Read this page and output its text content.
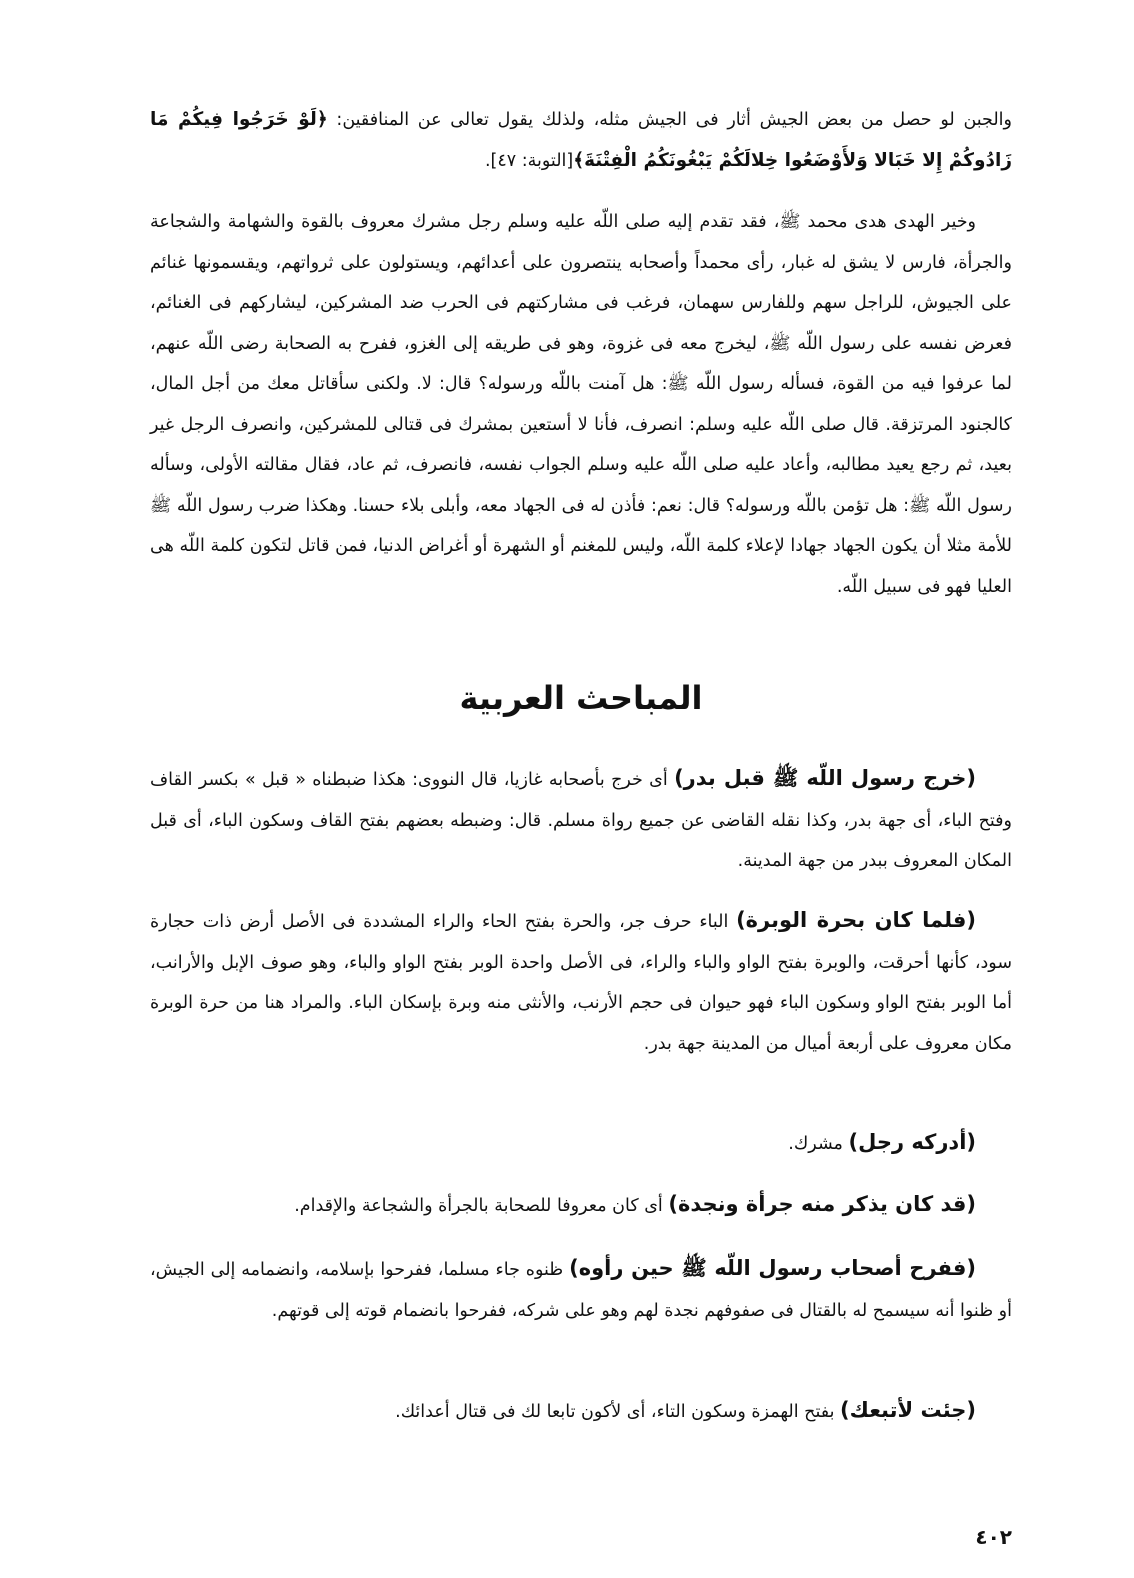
والجبن لو حصل من بعض الجيش أثار فى الجيش مثله، ولذلك يقول تعالى عن المنافقين: ﴿لَوْ خَرَجُوا فِيكُمْ مَا زَادُوكُمْ إِلا خَبَالا وَلأَوْضَعُوا خِلالَكُمْ يَبْغُونَكُمُ الْفِتْنَةَ﴾[التوبة: ٤٧].

وخير الهدى هدى محمد ﷺ، فقد تقدم إليه صلى اللّه عليه وسلم رجل مشرك معروف بالقوة والشهامة والشجاعة والجرأة، فارس لا يشق له غبار، رأى محمداً وأصحابه ينتصرون على أعدائهم، ويستولون على ثرواتهم، ويقسمونها غنائم على الجيوش، للراجل سهم وللفارس سهمان، فرغب فى مشاركتهم فى الحرب ضد المشركين، ليشاركهم فى الغنائم، فعرض نفسه على رسول اللّه ﷺ، ليخرج معه فى غزوة، وهو فى طريقه إلى الغزو، ففرح به الصحابة رضى اللّه عنهم، لما عرفوا فيه من القوة، فسأله رسول اللّه ﷺ: هل آمنت باللّه ورسوله؟ قال: لا. ولكنى سأقاتل معك من أجل المال، كالجنود المرتزقة. قال صلى اللّه عليه وسلم: انصرف، فأنا لا أستعين بمشرك فى قتالى للمشركين، وانصرف الرجل غير بعيد، ثم رجع يعيد مطالبه، وأعاد عليه صلى اللّه عليه وسلم الجواب نفسه، فانصرف، ثم عاد، فقال مقالته الأولى، وسأله رسول اللّه ﷺ: هل تؤمن باللّه ورسوله؟ قال: نعم: فأذن له فى الجهاد معه، وأبلى بلاء حسنا. وهكذا ضرب رسول اللّه ﷺ للأمة مثلا أن يكون الجهاد جهادا لإعلاء كلمة اللّه، وليس للمغنم أو الشهرة أو أغراض الدنيا، فمن قاتل لتكون كلمة اللّه هى العليا فهو فى سبيل اللّه.

المباحث العربية

(خرج رسول اللّه ﷺ قبل بدر) أى خرج بأصحابه غازيا، قال النووى: هكذا ضبطناه « قبل » بكسر القاف وفتح الباء، أى جهة بدر، وكذا نقله القاضى عن جميع رواة مسلم. قال: وضبطه بعضهم بفتح القاف وسكون الباء، أى قبل المكان المعروف ببدر من جهة المدينة.

(فلما كان بحرة الوبرة) الباء حرف جر، والحرة بفتح الحاء والراء المشددة فى الأصل أرض ذات حجارة سود، كأنها أحرقت، والوبرة بفتح الواو والباء والراء، فى الأصل واحدة الوبر بفتح الواو والباء، وهو صوف الإبل والأرانب، أما الوبر بفتح الواو وسكون الباء فهو حيوان فى حجم الأرنب، والأنثى منه وبرة بإسكان الباء. والمراد هنا من حرة الوبرة مكان معروف على أربعة أميال من المدينة جهة بدر.

(أدركه رجل) مشرك.

(قد كان يذكر منه جرأة ونجدة) أى كان معروفا للصحابة بالجرأة والشجاعة والإقدام.

(ففرح أصحاب رسول اللّه ﷺ حين رأوه) ظنوه جاء مسلما، ففرحوا بإسلامه، وانضمامه إلى الجيش، أو ظنوا أنه سيسمح له بالقتال فى صفوفهم نجدة لهم وهو على شركه، ففرحوا بانضمام قوته إلى قوتهم.

(جئت لأتبعك) بفتح الهمزة وسكون التاء، أى لأكون تابعا لك فى قتال أعدائك.

٤٠٢
